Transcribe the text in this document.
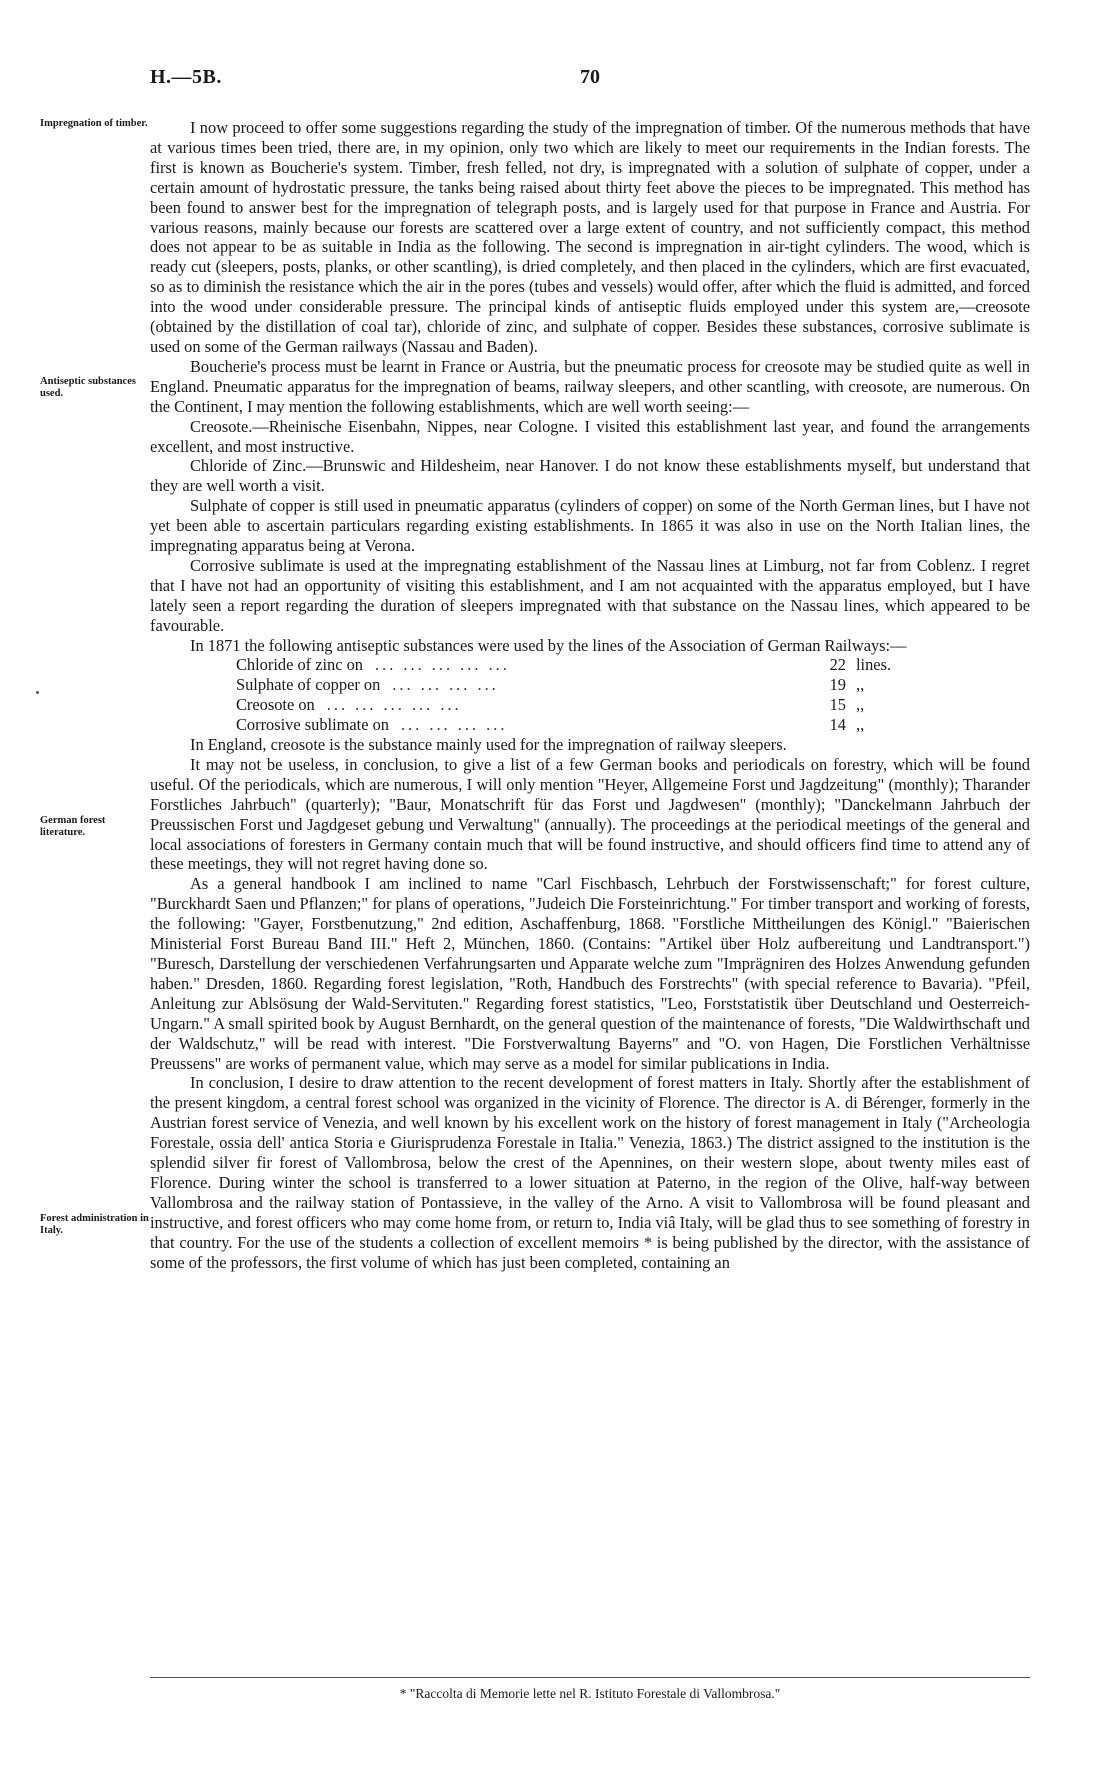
H.—5B.	70
Impregnation of timber.
Antiseptic substances used.
German forest literature.
Forest administration in Italy.

I now proceed to offer some suggestions regarding the study of the impregnation of timber. Of the numerous methods that have at various times been tried, there are, in my opinion, only two which are likely to meet our requirements in the Indian forests. The first is known as Boucherie's system. Timber, fresh felled, not dry, is impregnated with a solution of sulphate of copper, under a certain amount of hydrostatic pressure, the tanks being raised about thirty feet above the pieces to be impregnated. This method has been found to answer best for the impregnation of telegraph posts, and is largely used for that purpose in France and Austria. For various reasons, mainly because our forests are scattered over a large extent of country, and not sufficiently compact, this method does not appear to be as suitable in India as the following. The second is impregnation in air-tight cylinders. The wood, which is ready cut (sleepers, posts, planks, or other scantling), is dried completely, and then placed in the cylinders, which are first evacuated, so as to diminish the resistance which the air in the pores (tubes and vessels) would offer, after which the fluid is admitted, and forced into the wood under considerable pressure. The principal kinds of antiseptic fluids employed under this system are,—creosote (obtained by the distillation of coal tar), chloride of zinc, and sulphate of copper. Besides these substances, corrosive sublimate is used on some of the German railways (Nassau and Baden).

Boucherie's process must be learnt in France or Austria, but the pneumatic process for creosote may be studied quite as well in England. Pneumatic apparatus for the impregnation of beams, railway sleepers, and other scantling, with creosote, are numerous. On the Continent, I may mention the following establishments, which are well worth seeing:—

Creosote.—Rheinische Eisenbahn, Nippes, near Cologne. I visited this establishment last year, and found the arrangements excellent, and most instructive.

Chloride of Zinc.—Brunswic and Hildesheim, near Hanover. I do not know these establishments myself, but understand that they are well worth a visit.

Sulphate of copper is still used in pneumatic apparatus (cylinders of copper) on some of the North German lines, but I have not yet been able to ascertain particulars regarding existing establishments. In 1865 it was also in use on the North Italian lines, the impregnating apparatus being at Verona.

Corrosive sublimate is used at the impregnating establishment of the Nassau lines at Limburg, not far from Coblenz. I regret that I have not had an opportunity of visiting this establishment, and I am not acquainted with the apparatus employed, but I have lately seen a report regarding the duration of sleepers impregnated with that substance on the Nassau lines, which appeared to be favourable.

In 1871 the following antiseptic substances were used by the lines of the Association of German Railways:—

Chloride of zinc on ... ... ... ... ...	22 lines.
Sulphate of copper on ... ... ... ...	19 ,,
Creosote on ... ... ... ... ...	15 ,,
Corrosive sublimate on ... ... ... ...	14 ,,

In England, creosote is the substance mainly used for the impregnation of railway sleepers.

It may not be useless, in conclusion, to give a list of a few German books and periodicals on forestry, which will be found useful. Of the periodicals, which are numerous, I will only mention "Heyer, Allgemeine Forst und Jagdzeitung" (monthly); Tharander Forstliches Jahrbuch" (quarterly); "Baur, Monatschrift für das Forst und Jagdwesen" (monthly); "Danckelmann Jahrbuch der Preussischen Forst und Jagdgeset gebung und Verwaltung" (annually). The proceedings at the periodical meetings of the general and local associations of foresters in Germany contain much that will be found instructive, and should officers find time to attend any of these meetings, they will not regret having done so.

As a general handbook I am inclined to name "Carl Fischbasch, Lehrbuch der Forstwissenschaft;" for forest culture, "Burckhardt Saen und Pflanzen;" for plans of operations, "Judeich Die Forsteinrichtung." For timber transport and working of forests, the following: "Gayer, Forstbenutzung," 2nd edition, Aschaffenburg, 1868. "Forstliche Mittheilungen des Königl." "Baierischen Ministerial Forst Bureau Band III." Heft 2, München, 1860. (Contains: "Artikel über Holz aufbereitung und Landtransport.") "Buresch, Darstellung der verschiedenen Verfahrungsarten und Apparate welche zum "Imprägniren des Holzes Anwendung gefunden haben." Dresden, 1860. Regarding forest legislation, "Roth, Handbuch des Forstrechts" (with special reference to Bavaria). "Pfeil, Anleitung zur Ablsösung der Wald-Servituten." Regarding forest statistics, "Leo, Forststatistik über Deutschland und Oesterreich-Ungarn." A small spirited book by August Bernhardt, on the general question of the maintenance of forests, "Die Waldwirthschaft und der Waldschutz," will be read with interest. "Die Forstverwaltung Bayerns" and "O. von Hagen, Die Forstlichen Verhältnisse Preussens" are works of permanent value, which may serve as a model for similar publications in India.

In conclusion, I desire to draw attention to the recent development of forest matters in Italy. Shortly after the establishment of the present kingdom, a central forest school was organized in the vicinity of Florence. The director is A. di Bérenger, formerly in the Austrian forest service of Venezia, and well known by his excellent work on the history of forest management in Italy ("Archeologia Forestale, ossia dell' antica Storia e Giurisprudenza Forestale in Italia." Venezia, 1863.) The district assigned to the institution is the splendid silver fir forest of Vallombrosa, below the crest of the Apennines, on their western slope, about twenty miles east of Florence. During winter the school is transferred to a lower situation at Paterno, in the region of the Olive, half-way between Vallombrosa and the railway station of Pontassieve, in the valley of the Arno. A visit to Vallombrosa will be found pleasant and instructive, and forest officers who may come home from, or return to, India viâ Italy, will be glad thus to see something of forestry in that country. For the use of the students a collection of excellent memoirs * is being published by the director, with the assistance of some of the professors, the first volume of which has just been completed, containing an

* "Raccolta di Memorie lette nel R. Istituto Forestale di Vallombrosa."
